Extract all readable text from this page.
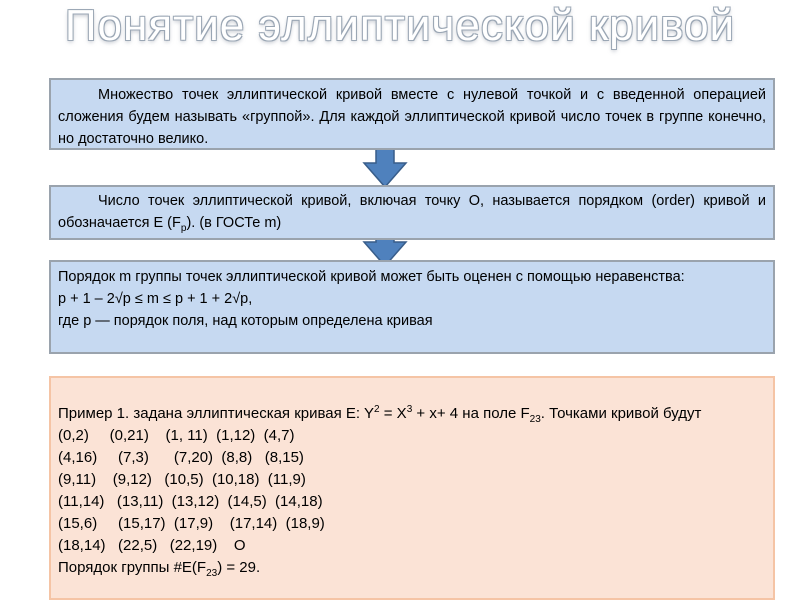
Понятие эллиптической кривой
Множество точек эллиптической кривой вместе с нулевой точкой и с введенной операцией сложения будем называть «группой». Для каждой эллиптической кривой число точек в группе конечно, но достаточно велико.
Число точек эллиптической кривой, включая точку O, называется порядком (order) кривой и обозначается E $(F_p)$. (в ГОСТе m)
Порядок m группы точек эллиптической кривой может быть оценен с помощью неравенства:
p + 1 – 2√p ≤ m ≤ p + 1 + 2√p,
где p — порядок поля, над которым определена кривая
Пример 1. задана эллиптическая кривая E: $Y^2 = X^3 + x+ 4$ на поле $F_{23}$. Точками кривой будут
(0,2)     (0,21)    (1, 11)  (1,12)  (4,7)
(4,16)     (7,3)      (7,20)  (8,8)   (8,15)
(9,11)    (9,12)   (10,5)  (10,18)  (11,9)
(11,14)   (13,11)  (13,12)  (14,5)  (14,18)
(15,6)     (15,17)  (17,9)    (17,14)  (18,9)
(18,14)   (22,5)   (22,19)    O
Порядок группы $\#E(F_{23}) = 29$.
